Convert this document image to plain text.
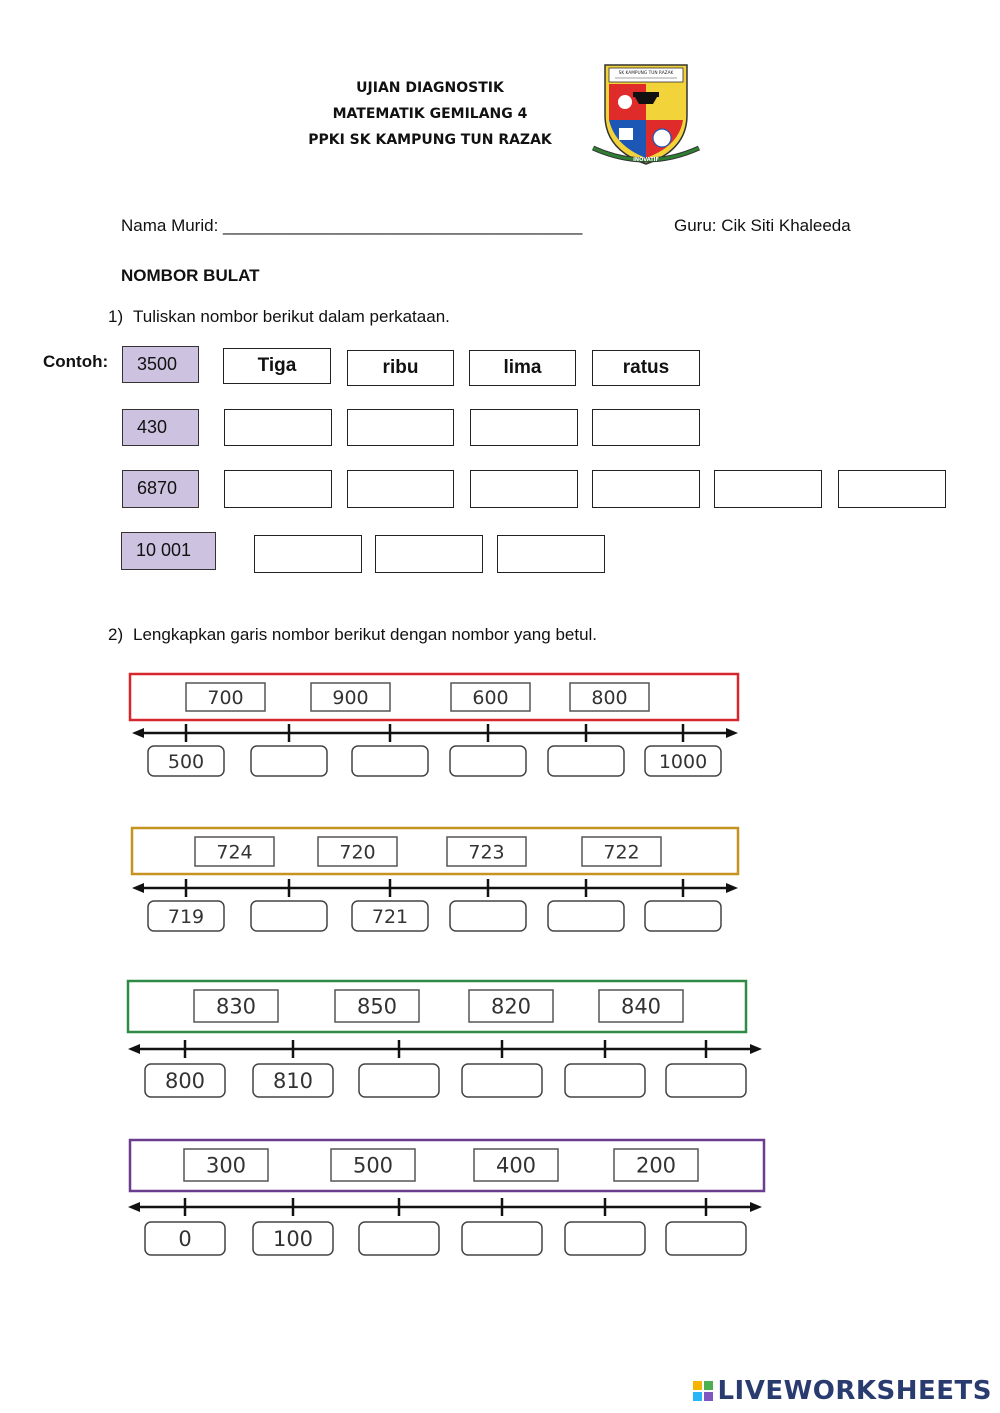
UJIAN DIAGNOSTIK
MATEMATIK GEMILANG 4
PPKI SK KAMPUNG TUN RAZAK
SK KAMPUNG TUN RAZAK
INOVATIF
Nama Murid: ______________________________________	Guru: Cik Siti Khaleeda
NOMBOR BULAT
1) Tuliskan nombor berikut dalam perkataan.
Contoh:	3500	Tiga	ribu	lima	ratus
430
6870
10 001
2) Lengkapkan garis nombor berikut dengan nombor yang betul.
700	900	600	800
500	1000
724	720	723	722
719	721
830	850	820	840
800	810
300	500	400	200
0	100
LIVEWORKSHEETS
